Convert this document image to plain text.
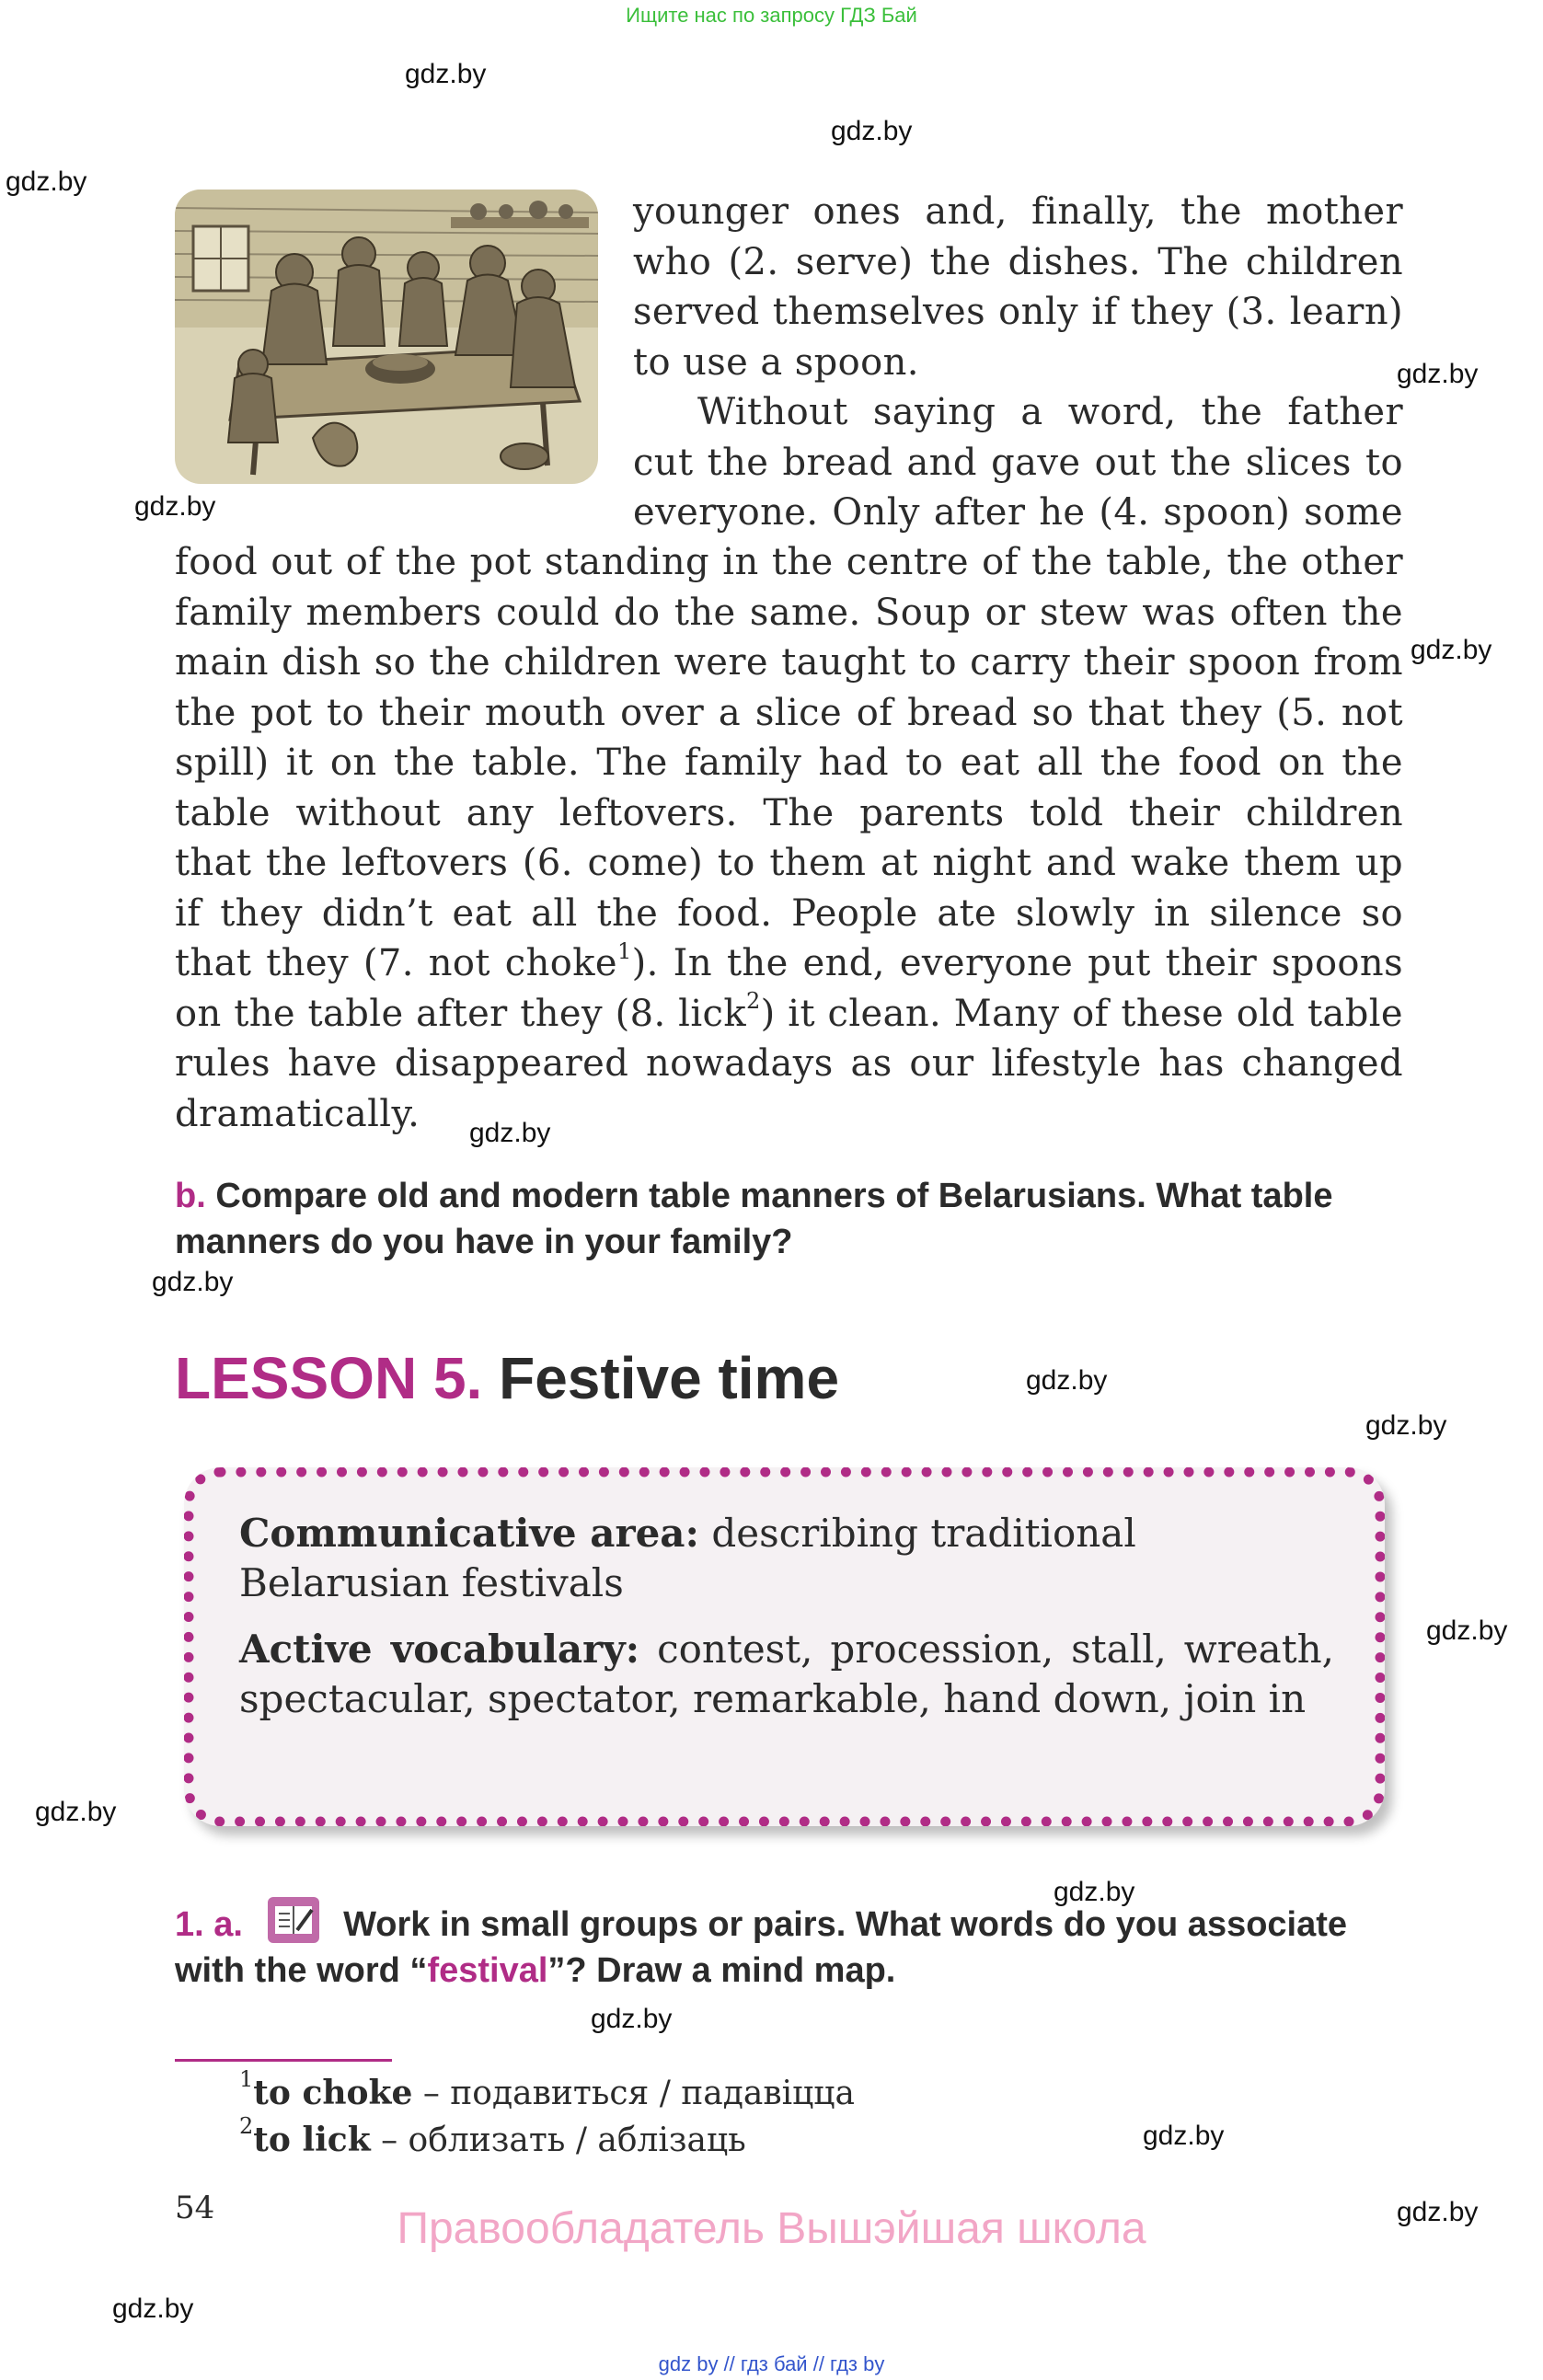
Ищите нас по запросу ГДЗ Бай
gdz.by
gdz.by
gdz.by
gdz.by
gdz.by
gdz.by
gdz.by
gdz.by
gdz.by
gdz.by
gdz.by
gdz.by
gdz.by
gdz.by
gdz.by
gdz.by
gdz.by
younger ones and, finally, the mother
who (2. serve) the dishes. The children
served themselves only if they (3. learn)
to use a spoon.
Without saying a word, the father
cut the bread and gave out the slices to
everyone. Only after he (4. spoon) some
food out of the pot standing in the centre of the table, the other
family members could do the same. Soup or stew was often the
main dish so the children were taught to carry their spoon from
the pot to their mouth over a slice of bread so that they (5. not
spill) it on the table. The family had to eat all the food on the
table without any leftovers. The parents told their children
that the leftovers (6. come) to them at night and wake them up
if they didn’t eat all the food. People ate slowly in silence so
that they (7. not choke$^1$). In the end, everyone put their spoons
on the table after they (8. lick$^2$) it clean. Many of these old table
rules have disappeared nowadays as our lifestyle has changed
dramatically.
b. Compare old and modern table manners of Belarusians. What table manners do you have in your family?
LESSON 5. Festive time
Communicative area: describing traditional Belarusian festivals
Active vocabulary: contest, procession, stall, wreath, spectacular, spectator, remarkable, hand down, join in
1. a.	Work in small groups or pairs. What words do you associate with the word “festival”? Draw a mind map.
$^1$to choke – подавиться / падавіцца
$^2$to lick – облизать / аблізаць
54	Правообладатель Вышэйшая школа
gdz by // гдз бай // гдз by
